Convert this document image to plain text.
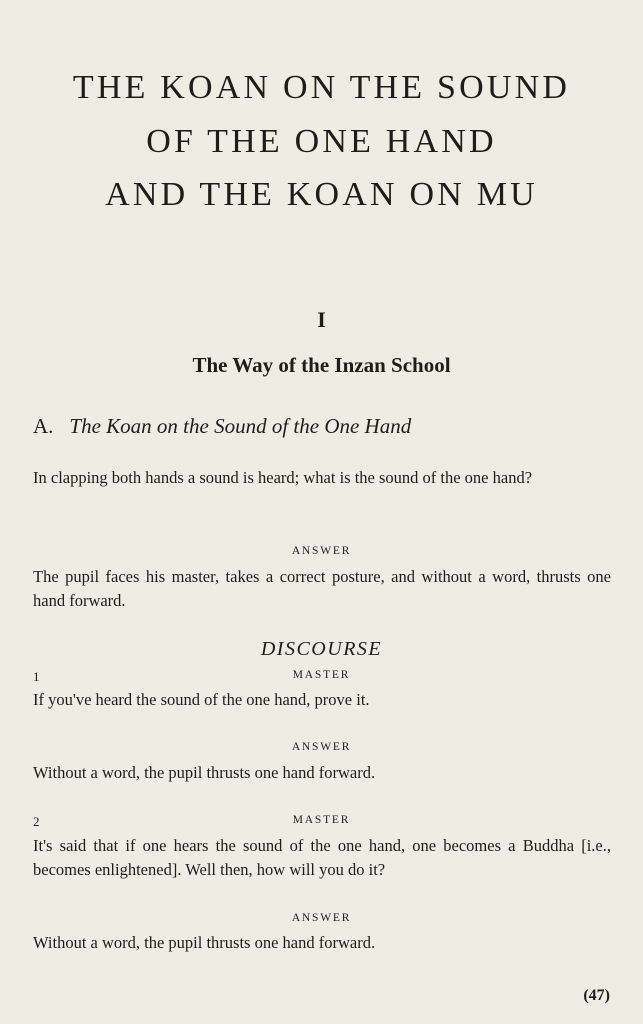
THE KOAN ON THE SOUND
OF THE ONE HAND
AND THE KOAN ON MU
I
The Way of the Inzan School
A. The Koan on the Sound of the One Hand
In clapping both hands a sound is heard; what is the sound of the one hand?
ANSWER
The pupil faces his master, takes a correct posture, and without a word, thrusts one hand forward.
DISCOURSE
1	MASTER
If you've heard the sound of the one hand, prove it.
ANSWER
Without a word, the pupil thrusts one hand forward.
2	MASTER
It's said that if one hears the sound of the one hand, one becomes a Buddha [i.e., becomes enlightened]. Well then, how will you do it?
ANSWER
Without a word, the pupil thrusts one hand forward.
(47)
